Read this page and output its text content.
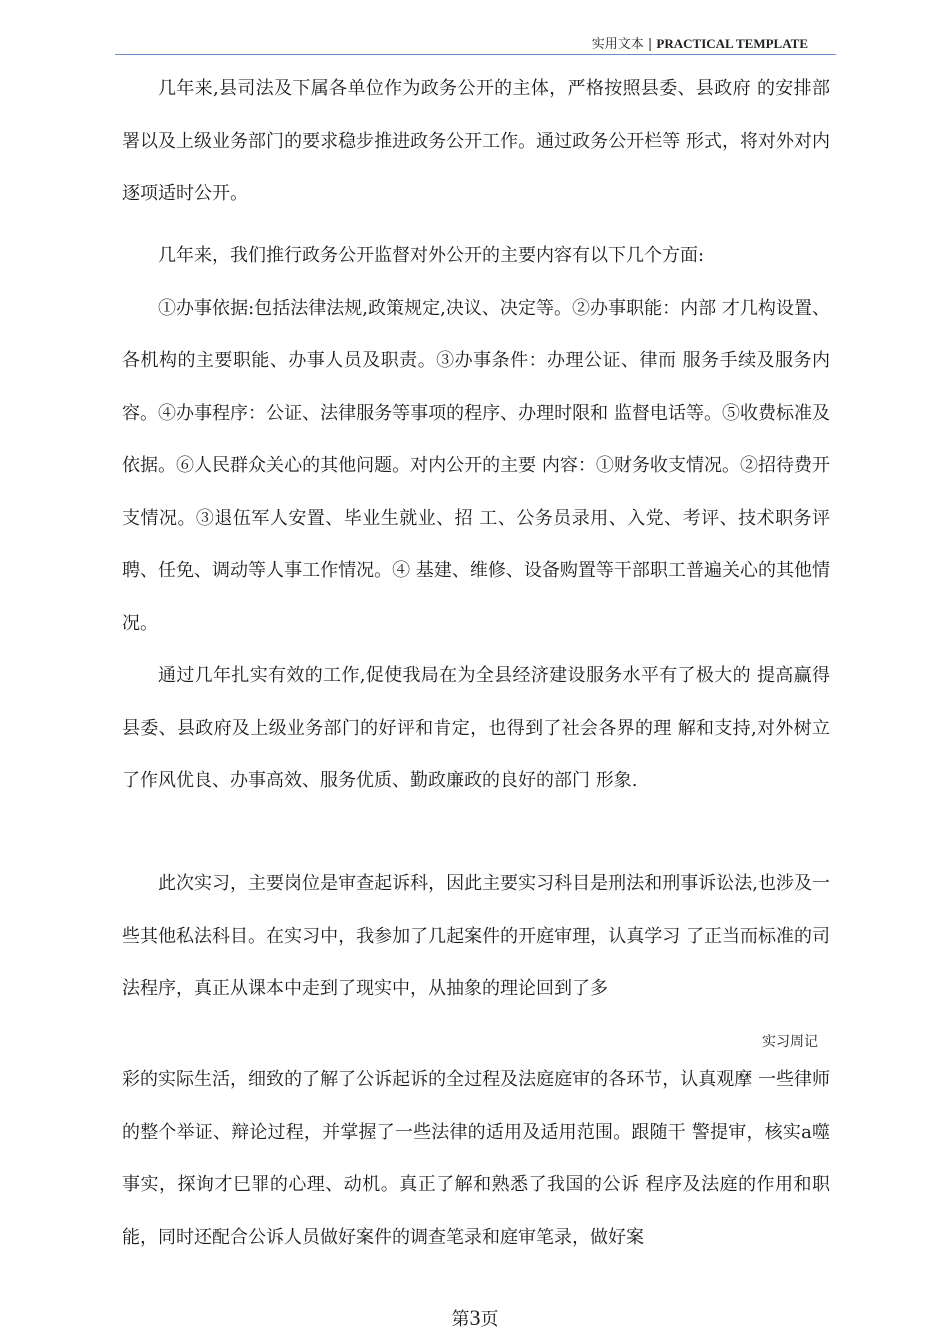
实用文本 | PRACTICAL TEMPLATE

几年来,县司法及下属各单位作为政务公开的主体，严格按照县委、县政府 的安排部署以及上级业务部门的要求稳步推进政务公开工作。通过政务公开栏等 形式，将对外对内逐项适时公开。

几年来，我们推行政务公开监督对外公开的主要内容有以下几个方面:

①办事依据:包括法律法规,政策规定,决议、决定等。②办事职能：内部 才几构设置、各机构的主要职能、办事人员及职责。③办事条件：办理公证、律而 服务手续及服务内容。④办事程序：公证、法律服务等事项的程序、办理时限和 监督电话等。⑤收费标准及依据。⑥人民群众关心的其他问题。对内公开的主要 内容：①财务收支情况。②招待费开支情况。③退伍军人安置、毕业生就业、招 工、公务员录用、入党、考评、技术职务评聘、任免、调动等人事工作情况。④ 基建、维修、设备购置等干部职工普遍关心的其他情况。

通过几年扎实有效的工作,促使我局在为全县经济建设服务水平有了极大的 提高赢得县委、县政府及上级业务部门的好评和肯定，也得到了社会各界的理 解和支持,对外树立了作风优良、办事高效、服务优质、勤政廉政的良好的部门 形象.

此次实习，主要岗位是审查起诉科，因此主要实习科目是刑法和刑事诉讼法,也涉及一些其他私法科目。在实习中，我参加了几起案件的开庭审理，认真学习 了正当而标准的司法程序，真正从课本中走到了现实中，从抽象的理论回到了多

实习周记

彩的实际生活，细致的了解了公诉起诉的全过程及法庭庭审的各环节，认真观摩 一些律师的整个举证、辩论过程，并掌握了一些法律的适用及适用范围。跟随干 警提审，核实a噬事实，探询才巳罪的心理、动机。真正了解和熟悉了我国的公诉 程序及法庭的作用和职能，同时还配合公诉人员做好案件的调查笔录和庭审笔录，做好案

第3页
